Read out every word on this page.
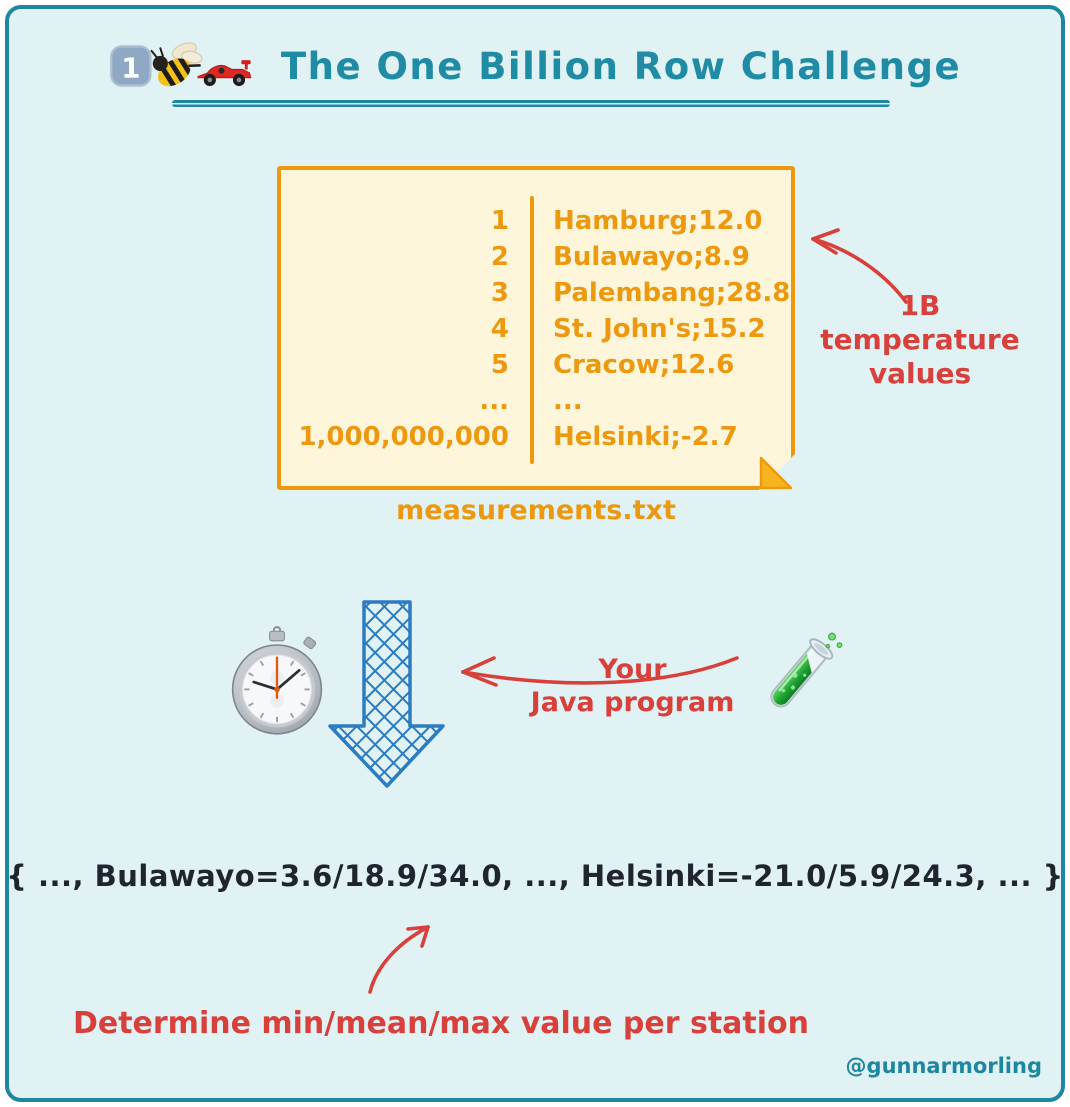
1	The One Billion Row Challenge
1 Hamburg;12.0
2 Bulawayo;8.9
3 Palembang;28.8
4 St. John's;15.2
5 Cracow;12.6
... ...
1,000,000,000 Helsinki;-2.7
measurements.txt
1B temperature
values
Your
Java program
{ ..., Bulawayo=3.6/18.9/34.0, ..., Helsinki=-21.0/5.9/24.3, ... }
Determine min/mean/max value per station
@gunnarmorling
